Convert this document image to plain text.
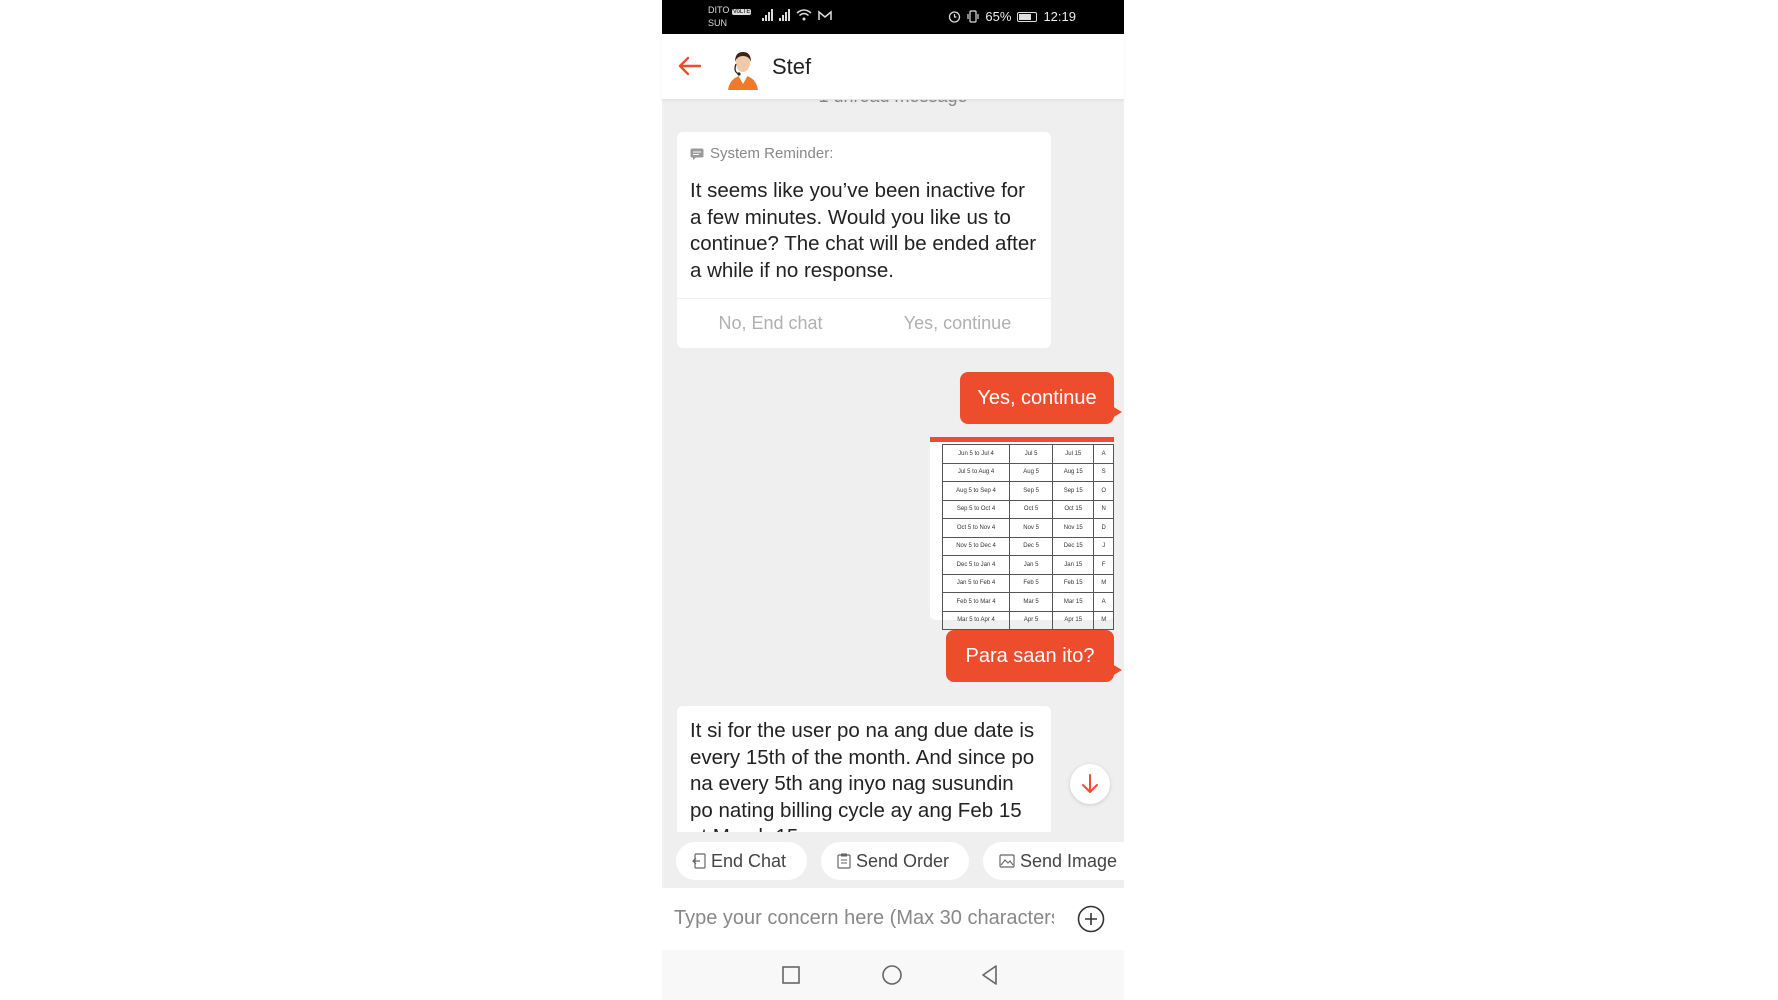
DITO VoLTE
SUN	65% 12:19
Stef
System Reminder:
It seems like you’ve been inactive for a few minutes. Would you like us to continue? The chat will be ended after a while if no response.
No, End chat	Yes, continue
Yes, continue
Jun 5 to Jul 4	Jul 5	Jul 15	A
Jul 5 to Aug 4	Aug 5	Aug 15	S
Aug 5 to Sep 4	Sep 5	Sep 15	O
Sep 5 to Oct 4	Oct 5	Oct 15	N
Oct 5 to Nov 4	Nov 5	Nov 15	D
Nov 5 to Dec 4	Dec 5	Dec 15	J
Dec 5 to Jan 4	Jan 5	Jan 15	F
Jan 5 to Feb 4	Feb 5	Feb 15	M
Feb 5 to Mar 4	Mar 5	Mar 15	A
Mar 5 to Apr 4	Apr 5	Apr 15	M
Para saan ito?
It si for the user po na ang due date is every 15th of the month. And since po na every 5th ang inyo nag susundin po nating billing cycle ay ang Feb 15
End Chat	Send Order	Send Image
Type your concern here (Max 30 characters)
